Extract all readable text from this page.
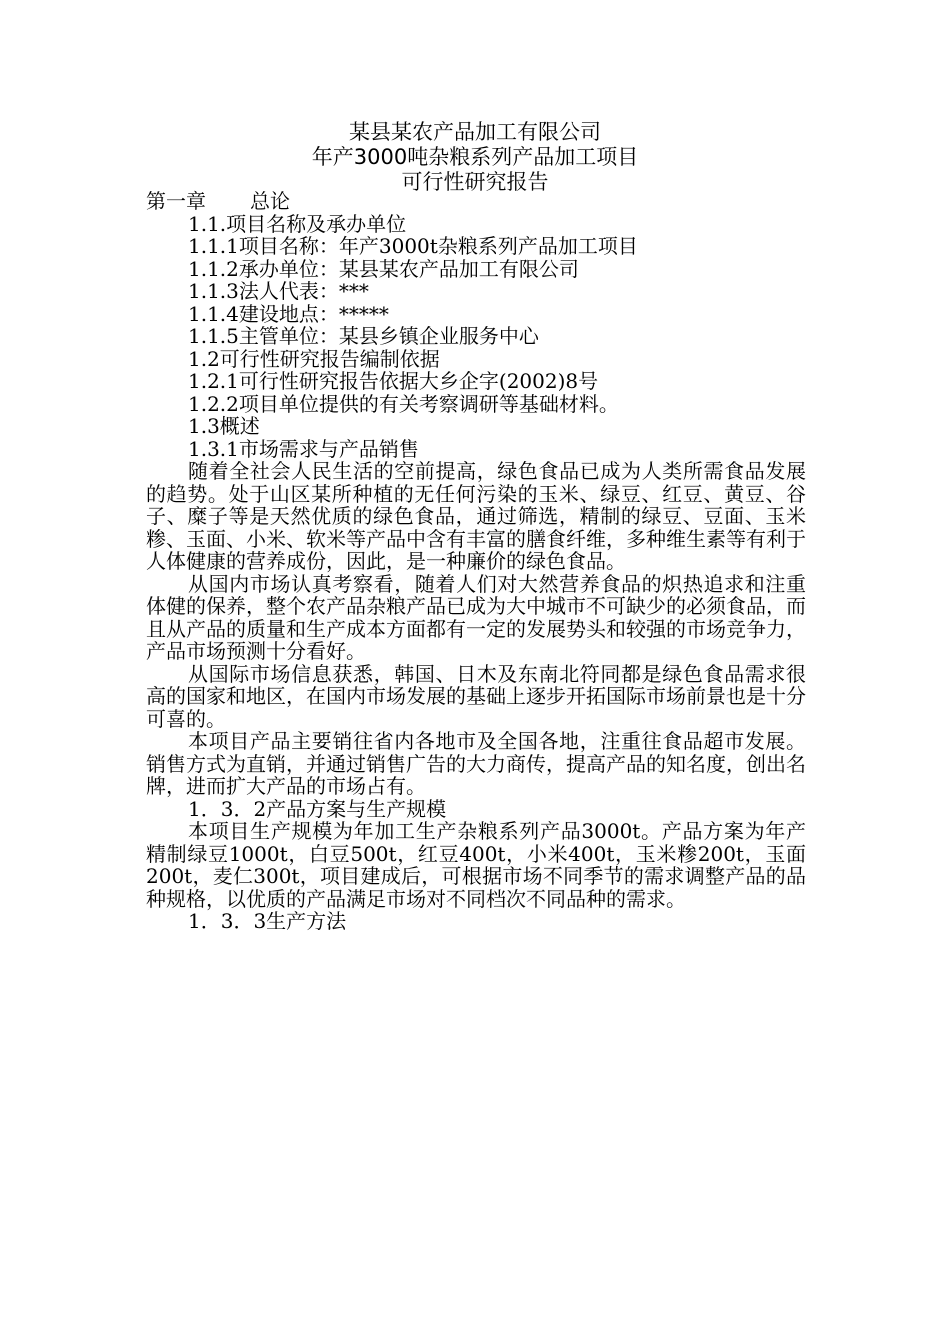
某县某农产品加工有限公司
年产3000吨杂粮系列产品加工项目
可行性研究报告
第一章 总论
1.1.项目名称及承办单位
1.1.1项目名称：年产3000t杂粮系列产品加工项目
1.1.2承办单位：某县某农产品加工有限公司
1.1.3法人代表：***
1.1.4建设地点：*****
1.1.5主管单位：某县乡镇企业服务中心
1.2可行性研究报告编制依据
1.2.1可行性研究报告依据大乡企字(2002)8号
1.2.2项目单位提供的有关考察调研等基础材料。
1.3概述
1.3.1市场需求与产品销售

随着全社会人民生活的空前提高，绿色食品已成为人类所需食品发展的趋势。处于山区某所种植的无任何污染的玉米、绿豆、红豆、黄豆、谷子、糜子等是天然优质的绿色食品，通过筛选，精制的绿豆、豆面、玉米糁、玉面、小米、软米等产品中含有丰富的膳食纤维，多种维生素等有利于人体健康的营养成份，因此，是一种廉价的绿色食品。

从国内市场认真考察看，随着人们对大然营养食品的炽热追求和注重体健的保养，整个农产品杂粮产品已成为大中城市不可缺少的必须食品，而且从产品的质量和生产成本方面都有一定的发展势头和较强的市场竞争力，产品市场预测十分看好。

从国际市场信息获悉，韩国、日木及东南北符同都是绿色食品需求很高的国家和地区，在国内市场发展的基础上逐步开拓国际市场前景也是十分可喜的。

本项目产品主要销往省内各地市及全国各地，注重往食品超市发展。销售方式为直销，并通过销售广告的大力商传，提高产品的知名度，创出名牌，进而扩大产品的市场占有。

1．3．2产品方案与生产规模

本项目生产规模为年加工生产杂粮系列产品3000t。产品方案为年产精制绿豆1000t，白豆500t，红豆400t，小米400t，玉米糁200t，玉面200t，麦仁300t，项目建成后，可根据市场不同季节的需求调整产品的品种规格，以优质的产品满足市场对不同档次不同品种的需求。

1．3．3生产方法
